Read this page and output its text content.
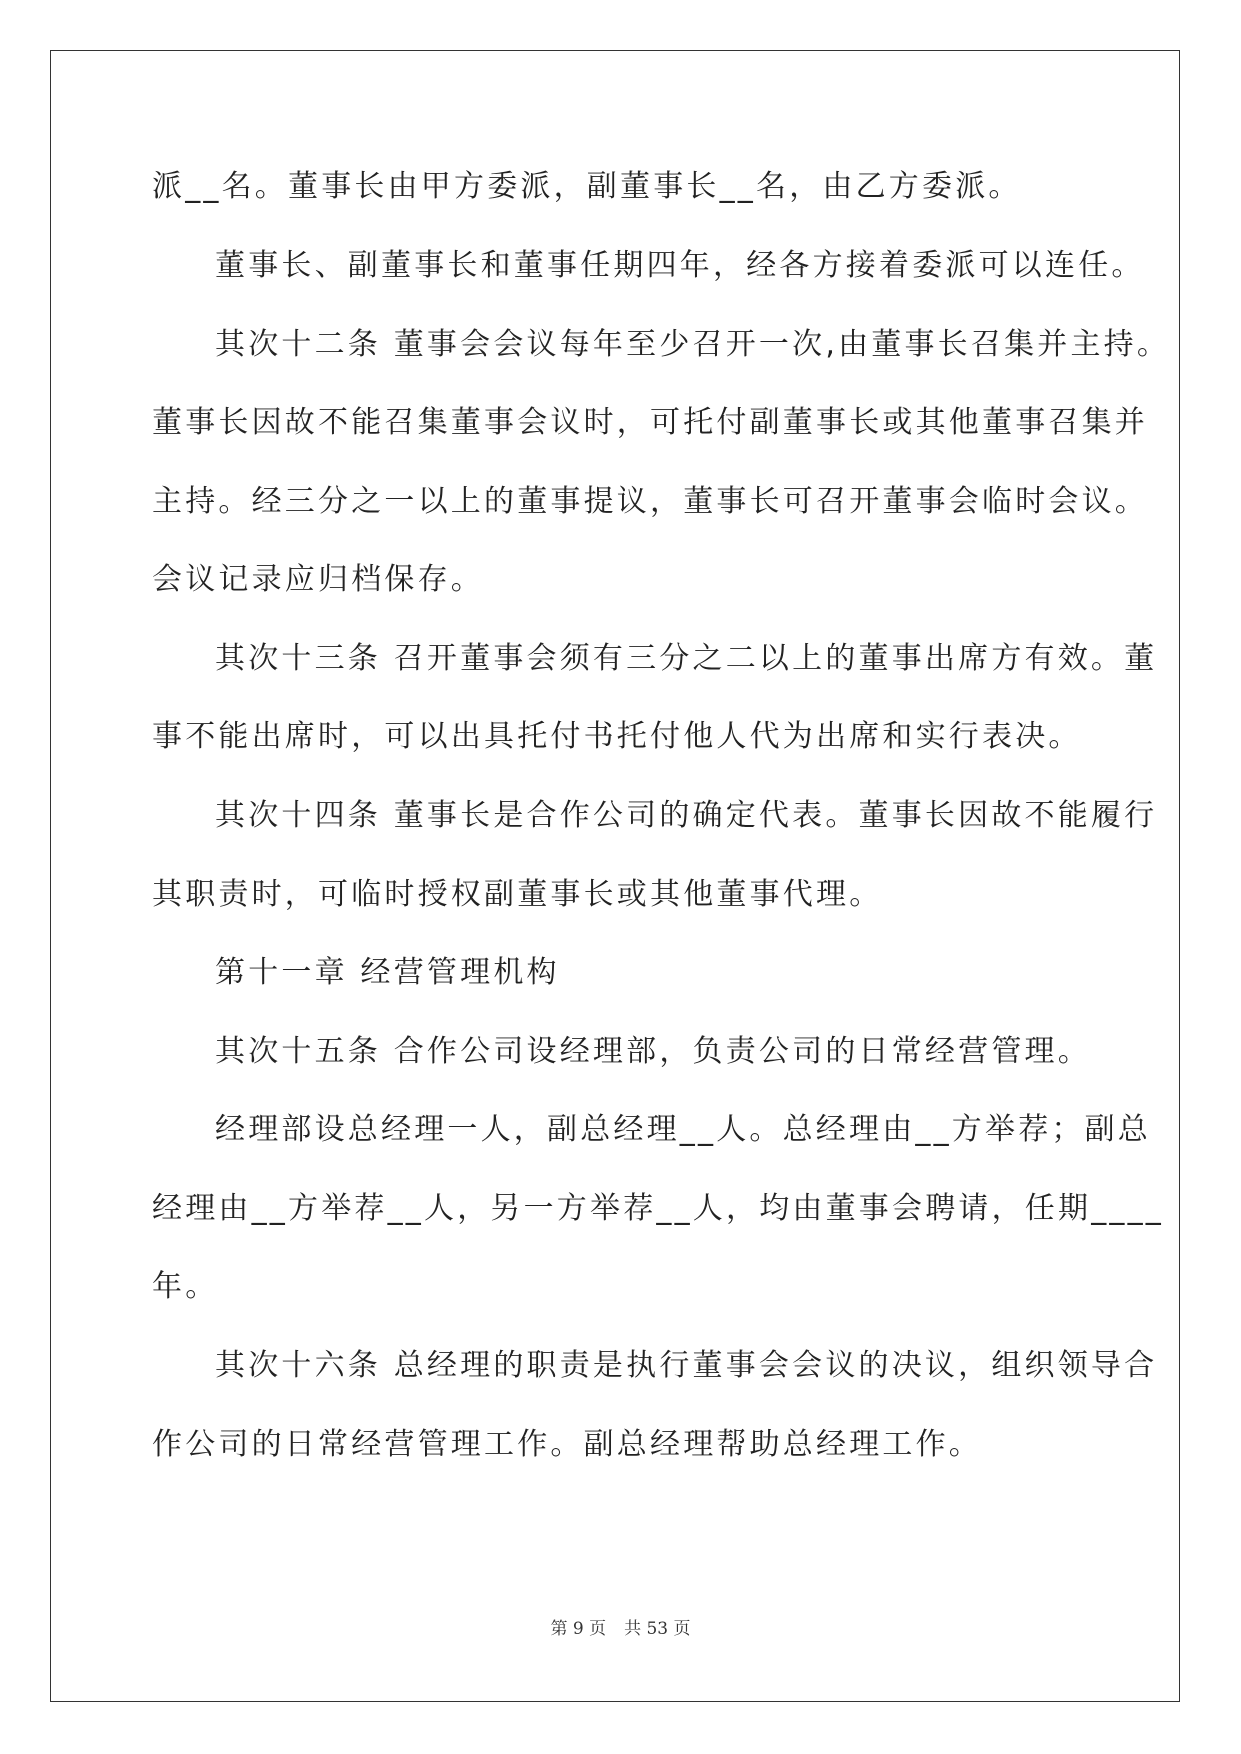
派__名。董事长由甲方委派，副董事长__名，由乙方委派。
董事长、副董事长和董事任期四年，经各方接着委派可以连任。
其次十二条 董事会会议每年至少召开一次,由董事长召集并主持。
董事长因故不能召集董事会议时，可托付副董事长或其他董事召集并
主持。经三分之一以上的董事提议，董事长可召开董事会临时会议。
会议记录应归档保存。
其次十三条 召开董事会须有三分之二以上的董事出席方有效。董
事不能出席时，可以出具托付书托付他人代为出席和实行表决。
其次十四条 董事长是合作公司的确定代表。董事长因故不能履行
其职责时，可临时授权副董事长或其他董事代理。
第十一章 经营管理机构
其次十五条 合作公司设经理部，负责公司的日常经营管理。
经理部设总经理一人，副总经理__人。总经理由__方举荐；副总
经理由__方举荐__人，另一方举荐__人，均由董事会聘请，任期____
年。
其次十六条 总经理的职责是执行董事会会议的决议，组织领导合
作公司的日常经营管理工作。副总经理帮助总经理工作。
第 9 页 共 53 页
